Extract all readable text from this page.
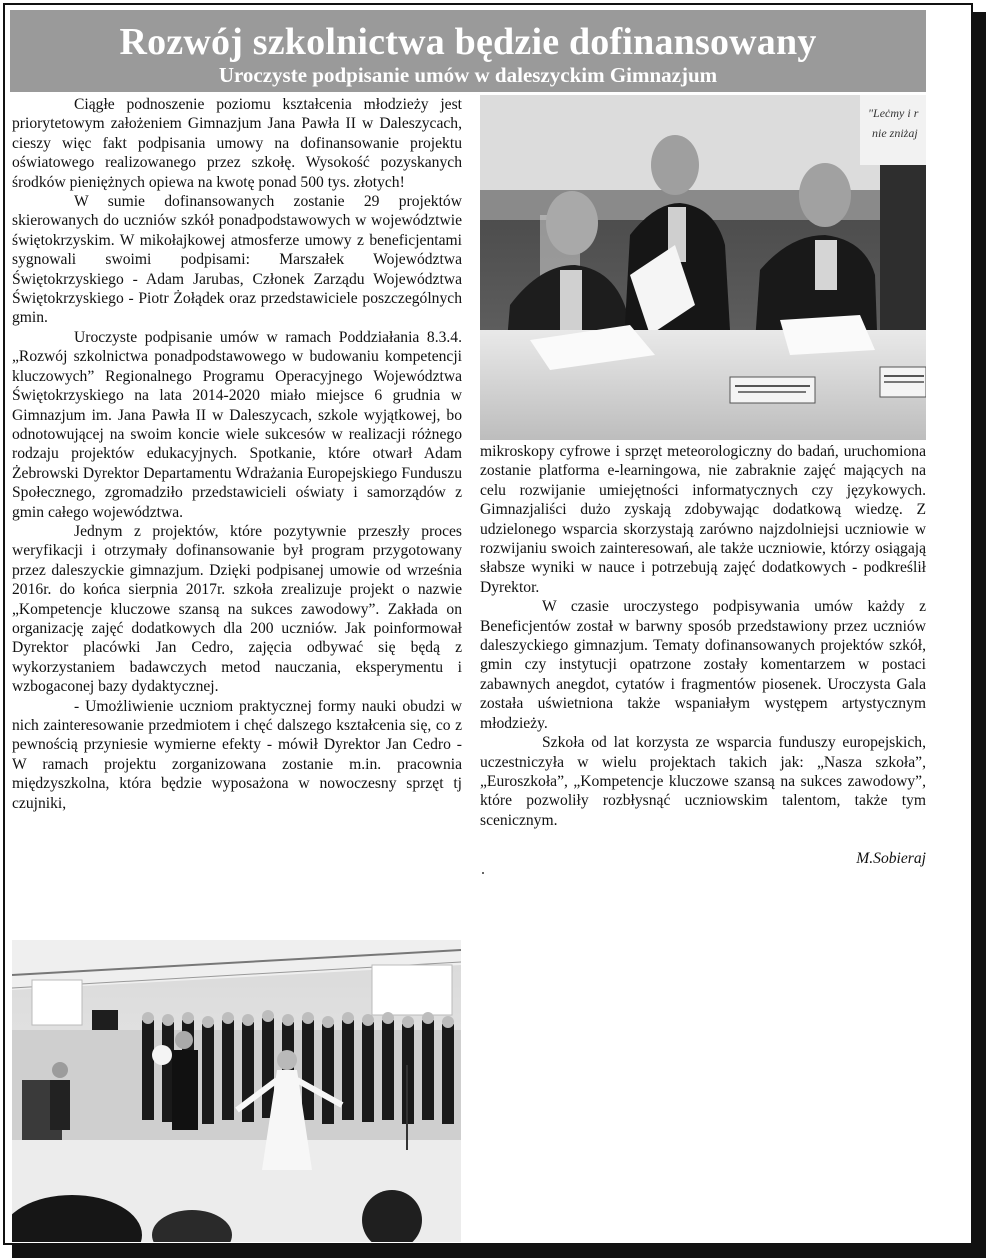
Rozwój szkolnictwa będzie dofinansowany
Uroczyste podpisanie umów w daleszyckim Gimnazjum

Ciągłe podnoszenie poziomu kształcenia młodzieży jest priorytetowym założeniem Gimnazjum Jana Pawła II w Daleszycach, cieszy więc fakt podpisania umowy na dofinansowanie projektu oświatowego realizowanego przez szkołę. Wysokość pozyskanych środków pieniężnych opiewa na kwotę ponad 500 tys. złotych!

W sumie dofinansowanych zostanie 29 projektów skierowanych do uczniów szkół ponadpodstawowych w województwie świętokrzyskim. W mikołajkowej atmosferze umowy z beneficjentami sygnowali swoimi podpisami: Marszałek Województwa Świętokrzyskiego - Adam Jarubas, Członek Zarządu Województwa Świętokrzyskiego - Piotr Żołądek oraz przedstawiciele poszczególnych gmin.

Uroczyste podpisanie umów w ramach Poddziałania 8.3.4. „Rozwój szkolnictwa ponadpodstawowego w budowaniu kompetencji kluczowych” Regionalnego Programu Operacyjnego Województwa Świętokrzyskiego na lata 2014-2020 miało miejsce 6 grudnia w Gimnazjum im. Jana Pawła II w Daleszycach, szkole wyjątkowej, bo odnotowującej na swoim koncie wiele sukcesów w realizacji różnego rodzaju projektów edukacyjnych. Spotkanie, które otwarł Adam Żebrowski Dyrektor Departamentu Wdrażania Europejskiego Funduszu Społecznego, zgromadziło przedstawicieli oświaty i samorządów z gmin całego województwa.

Jednym z projektów, które pozytywnie przeszły proces weryfikacji i otrzymały dofinansowanie był program przygotowany przez daleszyckie gimnazjum. Dzięki podpisanej umowie od września 2016r. do końca sierpnia 2017r. szkoła zrealizuje projekt o nazwie „Kompetencje kluczowe szansą na sukces zawodowy”. Zakłada on organizację zajęć dodatkowych dla 200 uczniów. Jak poinformował Dyrektor placówki Jan Cedro, zajęcia odbywać się będą z wykorzystaniem badawczych metod nauczania, eksperymentu i wzbogaconej bazy dydaktycznej.

- Umożliwienie uczniom praktycznej formy nauki obudzi w nich zainteresowanie przedmiotem i chęć dalszego kształcenia się, co z pewnością przyniesie wymierne efekty - mówił Dyrektor Jan Cedro - W ramach projektu zorganizowana zostanie m.in. pracownia międzyszkolna, która będzie wyposażona w nowoczesny sprzęt tj czujniki,

"Leċmy i r
nie zniżaj

mikroskopy cyfrowe i sprzęt meteorologiczny do badań, uruchomiona zostanie platforma e-learningowa, nie zabraknie zajęć mających na celu rozwijanie umiejętności informatycznych czy językowych. Gimnazjaliści dużo zyskają zdobywając dodatkową wiedzę. Z udzielonego wsparcia skorzystają zarówno najzdolniejsi uczniowie w rozwijaniu swoich zainteresowań, ale także uczniowie, którzy osiągają słabsze wyniki w nauce i potrzebują zajęć dodatkowych - podkreślił Dyrektor.

W czasie uroczystego podpisywania umów każdy z Beneficjentów został w barwny sposób przedstawiony przez uczniów daleszyckiego gimnazjum. Tematy dofinansowanych projektów szkół, gmin czy instytucji opatrzone zostały komentarzem w postaci zabawnych anegdot, cytatów i fragmentów piosenek. Uroczysta Gala została uświetniona także wspaniałym występem artystycznym młodzieży.

Szkoła od lat korzysta ze wsparcia funduszy europejskich, uczestniczyła w wielu projektach takich jak: „Nasza szkoła”, „Euroszkoła”, „Kompetencje kluczowe szansą na sukces zawodowy”, które pozwoliły rozbłysnąć uczniowskim talentom, także tym scenicznym.

M.Sobieraj
